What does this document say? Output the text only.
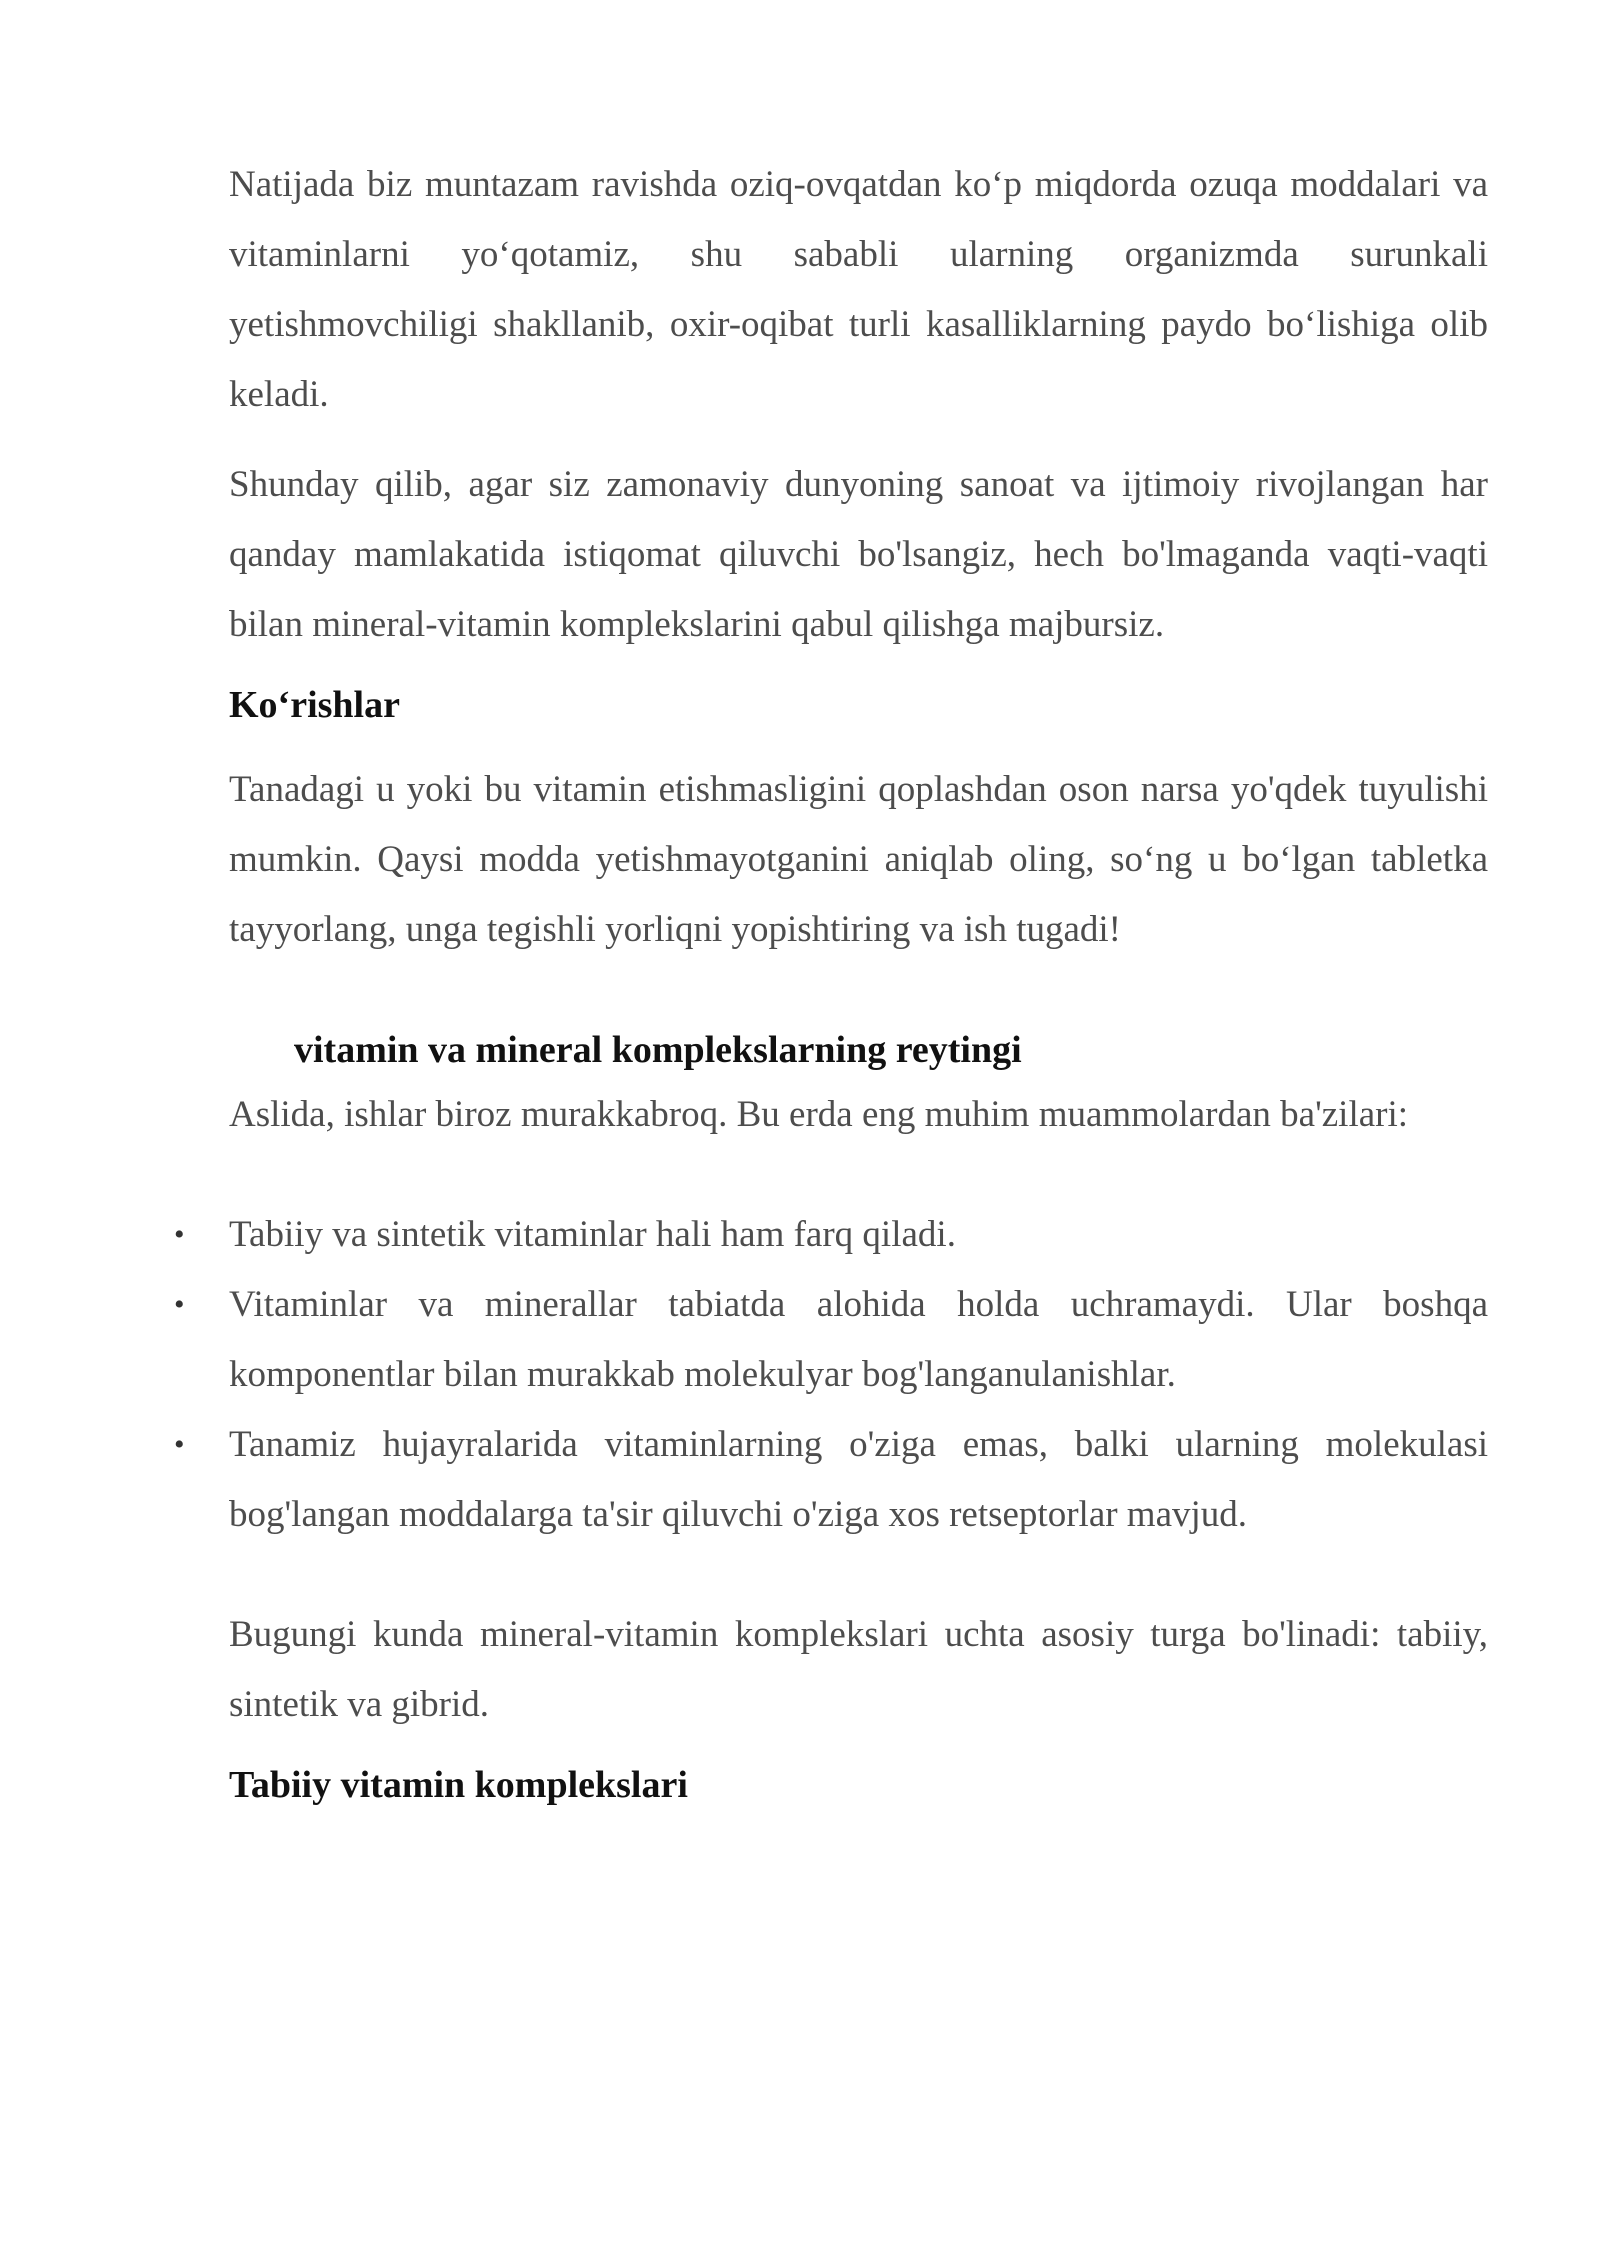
Natijada biz muntazam ravishda oziq-ovqatdan ko‘p miqdorda ozuqa moddalari va vitaminlarni yo‘qotamiz, shu sababli ularning organizmda surunkali yetishmovchiligi shakllanib, oxir-oqibat turli kasalliklarning paydo bo‘lishiga olib keladi.

Shunday qilib, agar siz zamonaviy dunyoning sanoat va ijtimoiy rivojlangan har qanday mamlakatida istiqomat qiluvchi bo'lsangiz, hech bo'lmaganda vaqti-vaqti bilan mineral-vitamin komplekslarini qabul qilishga majbursiz.

Ko‘rishlar

Tanadagi u yoki bu vitamin etishmasligini qoplashdan oson narsa yo'qdek tuyulishi mumkin. Qaysi modda yetishmayotganini aniqlab oling, so‘ng u bo‘lgan tabletka tayyorlang, unga tegishli yorliqni yopishtiring va ish tugadi!

vitamin va mineral komplekslarning reytingi

Aslida, ishlar biroz murakkabroq. Bu erda eng muhim muammolardan ba'zilari:

• Tabiiy va sintetik vitaminlar hali ham farq qiladi.

• Vitaminlar va minerallar tabiatda alohida holda uchramaydi. Ular boshqa komponentlar bilan murakkab molekulyar bog'langanulanishlar.

• Tanamiz hujayralarida vitaminlarning o'ziga emas, balki ularning molekulasi bog'langan moddalarga ta'sir qiluvchi o'ziga xos retseptorlar mavjud.

Bugungi kunda mineral-vitamin komplekslari uchta asosiy turga bo'linadi: tabiiy, sintetik va gibrid.

Tabiiy vitamin komplekslari
